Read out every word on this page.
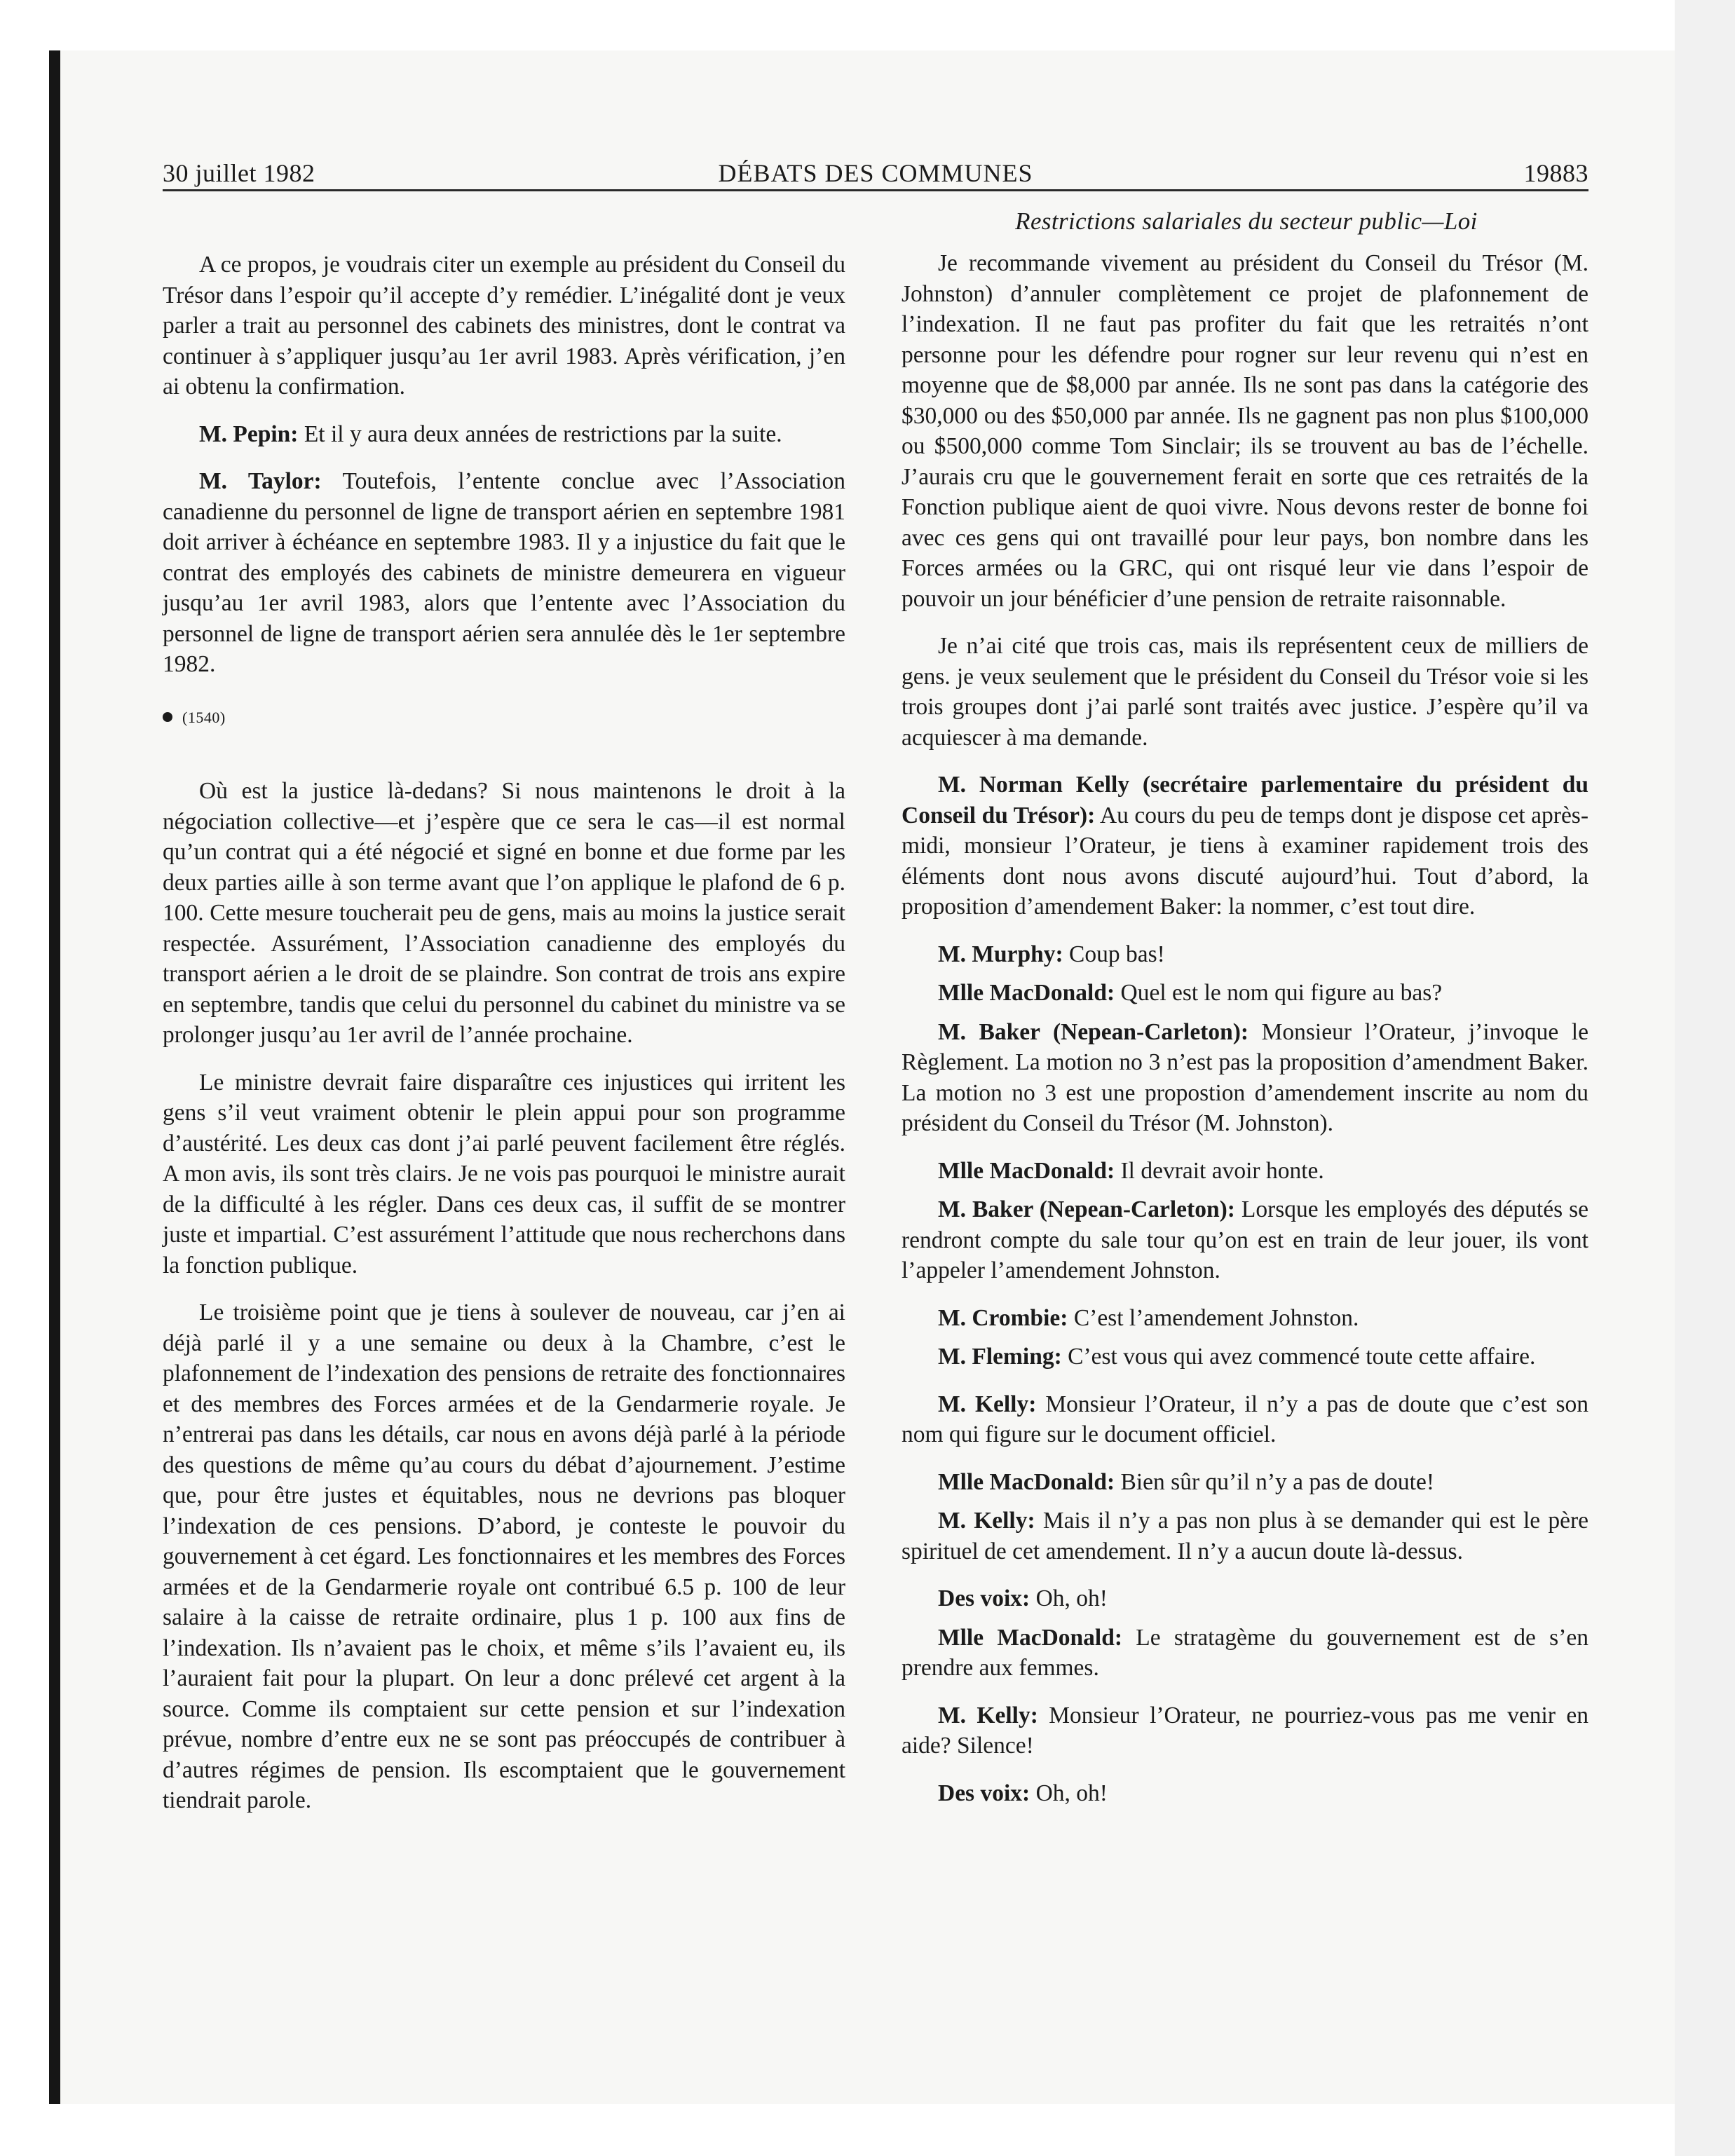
30 juillet 1982	DÉBATS DES COMMUNES	19883
Restrictions salariales du secteur public—Loi

A ce propos, je voudrais citer un exemple au président du Conseil du Trésor dans l’espoir qu’il accepte d’y remédier. L’inégalité dont je veux parler a trait au personnel des cabinets des ministres, dont le contrat va continuer à s’appliquer jusqu’au 1er avril 1983. Après vérification, j’en ai obtenu la confirmation.

M. Pepin: Et il y aura deux années de restrictions par la suite.

M. Taylor: Toutefois, l’entente conclue avec l’Association canadienne du personnel de ligne de transport aérien en septembre 1981 doit arriver à échéance en septembre 1983. Il y a injustice du fait que le contrat des employés des cabinets de ministre demeurera en vigueur jusqu’au 1er avril 1983, alors que l’entente avec l’Association du personnel de ligne de transport aérien sera annulée dès le 1er septembre 1982.

(1540)

Où est la justice là-dedans? Si nous maintenons le droit à la négociation collective—et j’espère que ce sera le cas—il est normal qu’un contrat qui a été négocié et signé en bonne et due forme par les deux parties aille à son terme avant que l’on applique le plafond de 6 p. 100. Cette mesure toucherait peu de gens, mais au moins la justice serait respectée. Assurément, l’Association canadienne des employés du transport aérien a le droit de se plaindre. Son contrat de trois ans expire en septembre, tandis que celui du personnel du cabinet du ministre va se prolonger jusqu’au 1er avril de l’année prochaine.

Le ministre devrait faire disparaître ces injustices qui irritent les gens s’il veut vraiment obtenir le plein appui pour son programme d’austérité. Les deux cas dont j’ai parlé peuvent facilement être réglés. A mon avis, ils sont très clairs. Je ne vois pas pourquoi le ministre aurait de la difficulté à les régler. Dans ces deux cas, il suffit de se montrer juste et impartial. C’est assurément l’attitude que nous recherchons dans la fonction publique.

Le troisième point que je tiens à soulever de nouveau, car j’en ai déjà parlé il y a une semaine ou deux à la Chambre, c’est le plafonnement de l’indexation des pensions de retraite des fonctionnaires et des membres des Forces armées et de la Gendarmerie royale. Je n’entrerai pas dans les détails, car nous en avons déjà parlé à la période des questions de même qu’au cours du débat d’ajournement. J’estime que, pour être justes et équitables, nous ne devrions pas bloquer l’indexation de ces pensions. D’abord, je conteste le pouvoir du gouvernement à cet égard. Les fonctionnaires et les membres des Forces armées et de la Gendarmerie royale ont contribué 6.5 p. 100 de leur salaire à la caisse de retraite ordinaire, plus 1 p. 100 aux fins de l’indexation. Ils n’avaient pas le choix, et même s’ils l’avaient eu, ils l’auraient fait pour la plupart. On leur a donc prélevé cet argent à la source. Comme ils comptaient sur cette pension et sur l’indexation prévue, nombre d’entre eux ne se sont pas préoccupés de contribuer à d’autres régimes de pension. Ils escomptaient que le gouvernement tiendrait parole.

Je recommande vivement au président du Conseil du Trésor (M. Johnston) d’annuler complètement ce projet de plafonnement de l’indexation. Il ne faut pas profiter du fait que les retraités n’ont personne pour les défendre pour rogner sur leur revenu qui n’est en moyenne que de $8,000 par année. Ils ne sont pas dans la catégorie des $30,000 ou des $50,000 par année. Ils ne gagnent pas non plus $100,000 ou $500,000 comme Tom Sinclair; ils se trouvent au bas de l’échelle. J’aurais cru que le gouvernement ferait en sorte que ces retraités de la Fonction publique aient de quoi vivre. Nous devons rester de bonne foi avec ces gens qui ont travaillé pour leur pays, bon nombre dans les Forces armées ou la GRC, qui ont risqué leur vie dans l’espoir de pouvoir un jour bénéficier d’une pension de retraite raisonnable.

Je n’ai cité que trois cas, mais ils représentent ceux de milliers de gens. je veux seulement que le président du Conseil du Trésor voie si les trois groupes dont j’ai parlé sont traités avec justice. J’espère qu’il va acquiescer à ma demande.

M. Norman Kelly (secrétaire parlementaire du président du Conseil du Trésor): Au cours du peu de temps dont je dispose cet après-midi, monsieur l’Orateur, je tiens à examiner rapidement trois des éléments dont nous avons discuté aujourd’hui. Tout d’abord, la proposition d’amendement Baker: la nommer, c’est tout dire.

M. Murphy: Coup bas!

Mlle MacDonald: Quel est le nom qui figure au bas?

M. Baker (Nepean-Carleton): Monsieur l’Orateur, j’invoque le Règlement. La motion no 3 n’est pas la proposition d’amendment Baker. La motion no 3 est une propostion d’amendement inscrite au nom du président du Conseil du Trésor (M. Johnston).

Mlle MacDonald: Il devrait avoir honte.

M. Baker (Nepean-Carleton): Lorsque les employés des députés se rendront compte du sale tour qu’on est en train de leur jouer, ils vont l’appeler l’amendement Johnston.

M. Crombie: C’est l’amendement Johnston.

M. Fleming: C’est vous qui avez commencé toute cette affaire.

M. Kelly: Monsieur l’Orateur, il n’y a pas de doute que c’est son nom qui figure sur le document officiel.

Mlle MacDonald: Bien sûr qu’il n’y a pas de doute!

M. Kelly: Mais il n’y a pas non plus à se demander qui est le père spirituel de cet amendement. Il n’y a aucun doute là-dessus.

Des voix: Oh, oh!

Mlle MacDonald: Le stratagème du gouvernement est de s’en prendre aux femmes.

M. Kelly: Monsieur l’Orateur, ne pourriez-vous pas me venir en aide? Silence!

Des voix: Oh, oh!
